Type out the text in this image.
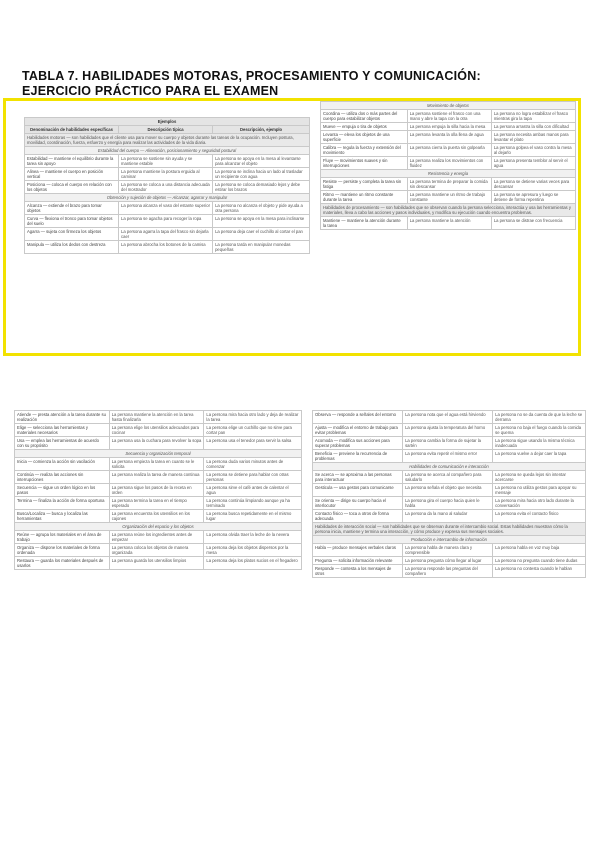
TABLA 7. HABILIDADES MOTORAS, PROCESAMIENTO Y COMUNICACIÓN:
EJERCICIO PRÁCTICO PARA EL EXAMEN
Ejemplos		
Denominación de habilidades específicas	Descripción típica	Descripción, ejemplo
Habilidades motoras — son habilidades que el cliente usa para mover su cuerpo y objetos durante las tareas de la ocupación. Incluyen postura, movilidad, coordinación, fuerza, esfuerzo y energía para realizar las actividades de la vida diaria.		
Estabilidad del cuerpo — Alineación, posicionamiento y seguridad postural		
Estabilidad — mantiene el equilibrio durante la tarea sin apoyo	La persona se sostiene sin ayuda y se mantiene estable	La persona se apoya en la mesa al levantarse para alcanzar el objeto
Alinea — mantiene el cuerpo en posición vertical	La persona mantiene la postura erguida al caminar	La persona se inclina hacia un lado al trasladar un recipiente con agua
Posiciona — coloca el cuerpo en relación con los objetos	La persona se coloca a una distancia adecuada del mostrador	La persona se coloca demasiado lejos y debe estirar los brazos
Obtención y sujeción de objetos — Alcanzar, agarrar y manipular		
Alcanza — extiende el brazo para tomar objetos	La persona alcanza el vaso del estante superior	La persona no alcanza el objeto y pide ayuda a otra persona
Curva — flexiona el tronco para tomar objetos del suelo	La persona se agacha para recoger la ropa	La persona se apoya en la mesa para inclinarse
Agarra — sujeta con firmeza los objetos	La persona agarra la tapa del frasco sin dejarla caer	La persona deja caer el cuchillo al cortar el pan
Manipula — utiliza los dedos con destreza	La persona abrocha los botones de la camisa	La persona tarda en manipular monedas pequeñas
Movimiento de objetos		
Coordina — utiliza dos o más partes del cuerpo para estabilizar objetos	La persona sostiene el frasco con una mano y abre la tapa con la otra	La persona no logra estabilizar el frasco mientras gira la tapa
Mueve — empuja o tira de objetos	La persona empuja la silla hacia la mesa	La persona arrastra la silla con dificultad
Levanta — eleva los objetos de una superficie	La persona levanta la olla llena de agua	La persona necesita ambas manos para levantar el plato
Calibra — regula la fuerza y extensión del movimiento	La persona cierra la puerta sin golpearla	La persona golpea el vaso contra la mesa al dejarlo
Fluye — movimientos suaves y sin interrupciones	La persona realiza los movimientos con fluidez	La persona presenta temblor al servir el agua
Resistencia y energía		
Resiste — persiste y completa la tarea sin fatiga	La persona termina de preparar la comida sin descansar	La persona se detiene varias veces para descansar
Ritmo — mantiene un ritmo constante durante la tarea	La persona mantiene un ritmo de trabajo constante	La persona se apresura y luego se detiene de forma repentina
Habilidades de procesamiento — son habilidades que se observan cuando la persona selecciona, interactúa y usa las herramientas y materiales, lleva a cabo las acciones y pasos individuales, y modifica su ejecución cuando encuentra problemas.		
Mantiene — mantiene la atención durante la tarea	La persona mantiene la atención	La persona se distrae con frecuencia
Atiende — presta atención a la tarea durante su realización	La persona mantiene la atención en la tarea hasta finalizarla	La persona mira hacia otro lado y deja de realizar la tarea
Elige — selecciona las herramientas y materiales necesarios	La persona elige los utensilios adecuados para cocinar	La persona elige un cuchillo que no sirve para cortar pan
Usa — emplea las herramientas de acuerdo con su propósito	La persona usa la cuchara para revolver la sopa	La persona usa el tenedor para servir la salsa
Secuencia y organización temporal		
Inicia — comienza la acción sin vacilación	La persona empieza la tarea en cuanto se le solicita	La persona duda varios minutos antes de comenzar
Continúa — realiza las acciones sin interrupciones	La persona realiza la tarea de manera continua	La persona se detiene para hablar con otras personas
Secuencia — sigue un orden lógico en los pasos	La persona sigue los pasos de la receta en orden	La persona sirve el café antes de calentar el agua
Termina — finaliza la acción de forma oportuna	La persona termina la tarea en el tiempo esperado	La persona continúa limpiando aunque ya ha terminado
Busca/Localiza — busca y localiza las herramientas	La persona encuentra los utensilios en los cajones	La persona busca repetidamente en el mismo lugar
Organización del espacio y los objetos		
Reúne — agrupa los materiales en el área de trabajo	La persona reúne los ingredientes antes de empezar	La persona olvida traer la leche de la nevera
Organiza — dispone los materiales de forma ordenada	La persona coloca los objetos de manera organizada	La persona deja los objetos dispersos por la mesa
Restaura — guarda los materiales después de usarlos	La persona guarda los utensilios limpios	La persona deja los platos sucios en el fregadero
Observa — responde a señales del entorno	La persona nota que el agua está hirviendo	La persona no se da cuenta de que la leche se derrama
Ajusta — modifica el entorno de trabajo para evitar problemas	La persona ajusta la temperatura del horno	La persona no baja el fuego cuando la comida se quema
Acomoda — modifica sus acciones para superar problemas	La persona cambia la forma de sujetar la sartén	La persona sigue usando la misma técnica inadecuada
Beneficia — previene la recurrencia de problemas	La persona evita repetir el mismo error	La persona vuelve a dejar caer la tapa
Habilidades de comunicación e interacción		
Se acerca — se aproxima a las personas para interactuar	La persona se acerca al compañero para saludarlo	La persona se queda lejos sin intentar acercarse
Gesticula — usa gestos para comunicarse	La persona señala el objeto que necesita	La persona no utiliza gestos para apoyar su mensaje
Se orienta — dirige su cuerpo hacia el interlocutor	La persona gira el cuerpo hacia quien le habla	La persona mira hacia otro lado durante la conversación
Contacto físico — toca a otros de forma adecuada	La persona da la mano al saludar	La persona evita el contacto físico
Habilidades de interacción social — son habilidades que se observan durante el intercambio social. Estas habilidades muestran cómo la persona inicia, mantiene y termina una interacción, y cómo produce y expresa sus mensajes sociales.		
Producción e intercambio de información		
Habla — produce mensajes verbales claros	La persona habla de manera clara y comprensible	La persona habla en voz muy baja
Pregunta — solicita información relevante	La persona pregunta cómo llegar al lugar	La persona no pregunta cuando tiene dudas
Responde — contesta a los mensajes de otros	La persona responde las preguntas del compañero	La persona no contesta cuando le hablan
